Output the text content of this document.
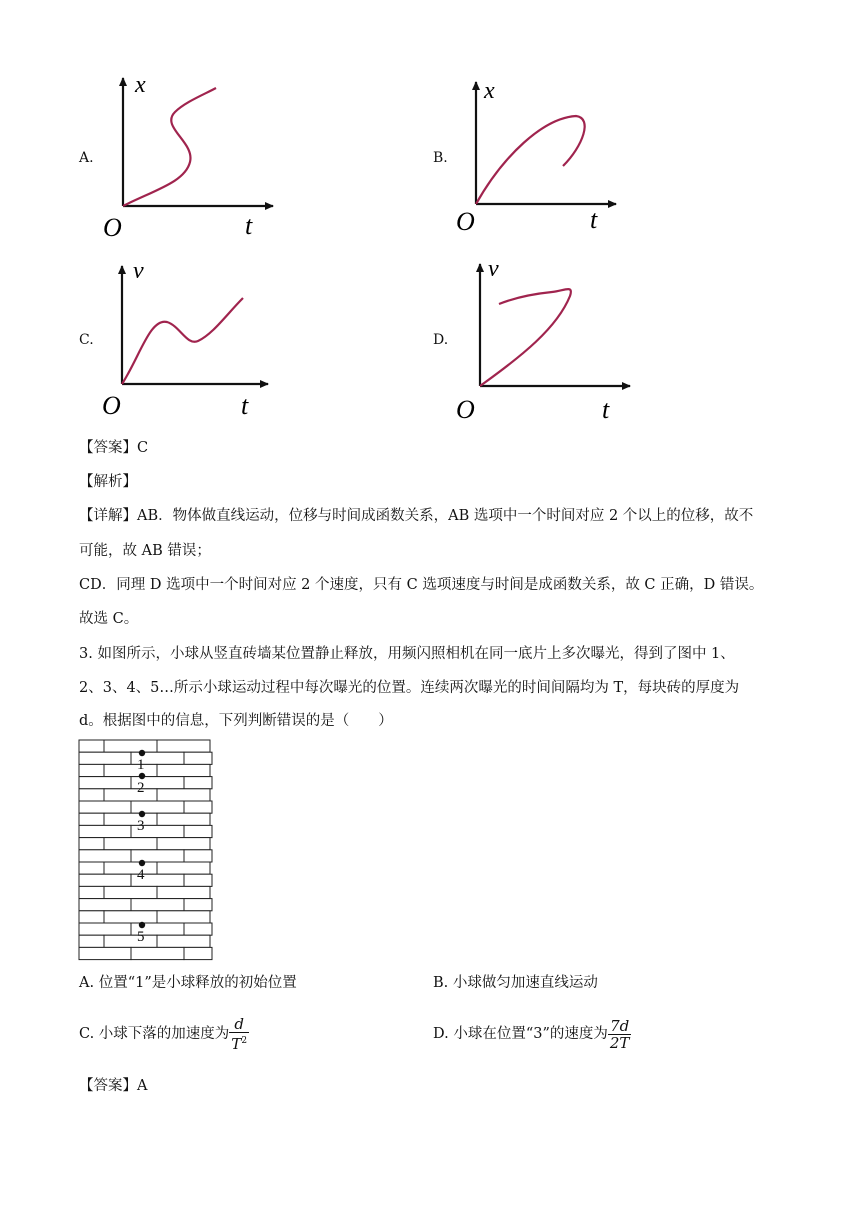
A.	B.
C.	D.
x
t
O
x
t
O
v
t
O
v
t
O
【答案】C
【解析】
【详解】AB．物体做直线运动，位移与时间成函数关系，AB 选项中一个时间对应 2 个以上的位移，故不
可能，故 AB 错误；
CD．同理 D 选项中一个时间对应 2 个速度，只有 C 选项速度与时间是成函数关系，故 C 正确，D 错误。
故选 C。
3. 如图所示，小球从竖直砖墙某位置静止释放，用频闪照相机在同一底片上多次曝光，得到了图中 1、
2、3、4、5…所示小球运动过程中每次曝光的位置。连续两次曝光的时间间隔均为 T，每块砖的厚度为
d。根据图中的信息，下列判断错误的是（　　）
1
2
3
4
5
A. 位置“1”是小球释放的初始位置	B. 小球做匀加速直线运动
C. 小球下落的加速度为 $\frac{d}{T^2}$	D. 小球在位置“3”的速度为 $\frac{7d}{2T}$
【答案】A
